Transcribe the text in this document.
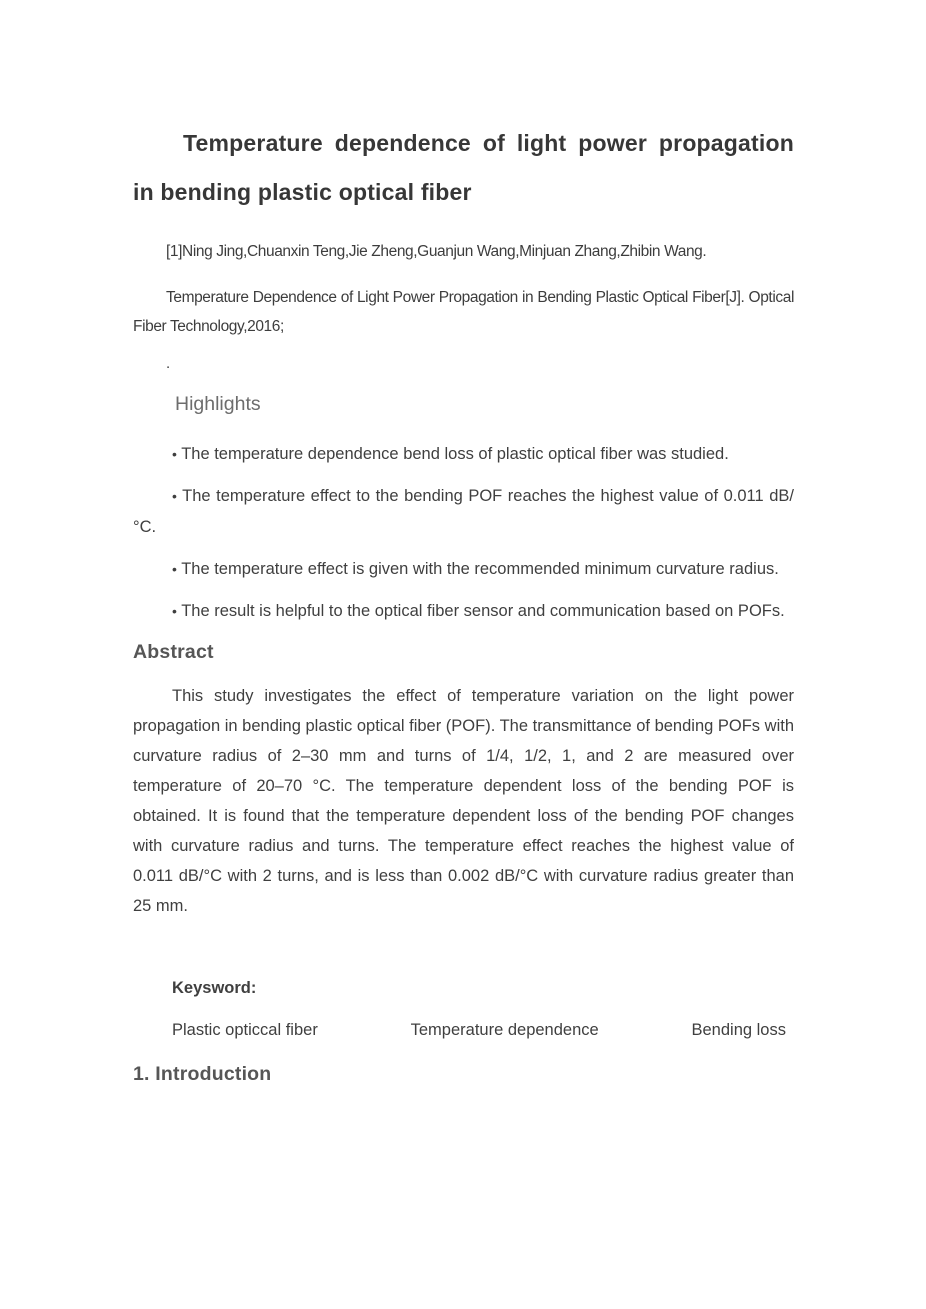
Temperature dependence of light power propagation in bending plastic optical fiber

[1]Ning Jing,Chuanxin Teng,Jie Zheng,Guanjun Wang,Minjuan Zhang,Zhibin Wang.

Temperature Dependence of Light Power Propagation in Bending Plastic Optical Fiber[J]. Optical Fiber Technology,2016;

.

Highlights

• The temperature dependence bend loss of plastic optical fiber was studied.

• The temperature effect to the bending POF reaches the highest value of 0.011 dB/°C.

• The temperature effect is given with the recommended minimum curvature radius.

• The result is helpful to the optical fiber sensor and communication based on POFs.

Abstract

This study investigates the effect of temperature variation on the light power propagation in bending plastic optical fiber (POF). The transmittance of bending POFs with curvature radius of 2–30 mm and turns of 1/4, 1/2, 1, and 2 are measured over temperature of 20–70 °C. The temperature dependent loss of the bending POF is obtained. It is found that the temperature dependent loss of the bending POF changes with curvature radius and turns. The temperature effect reaches the highest value of 0.011 dB/°C with 2 turns, and is less than 0.002 dB/°C with curvature radius greater than 25 mm.

Keysword:

Plastic opticcal fiber	Temperature dependence	Bending loss
1. Introduction
